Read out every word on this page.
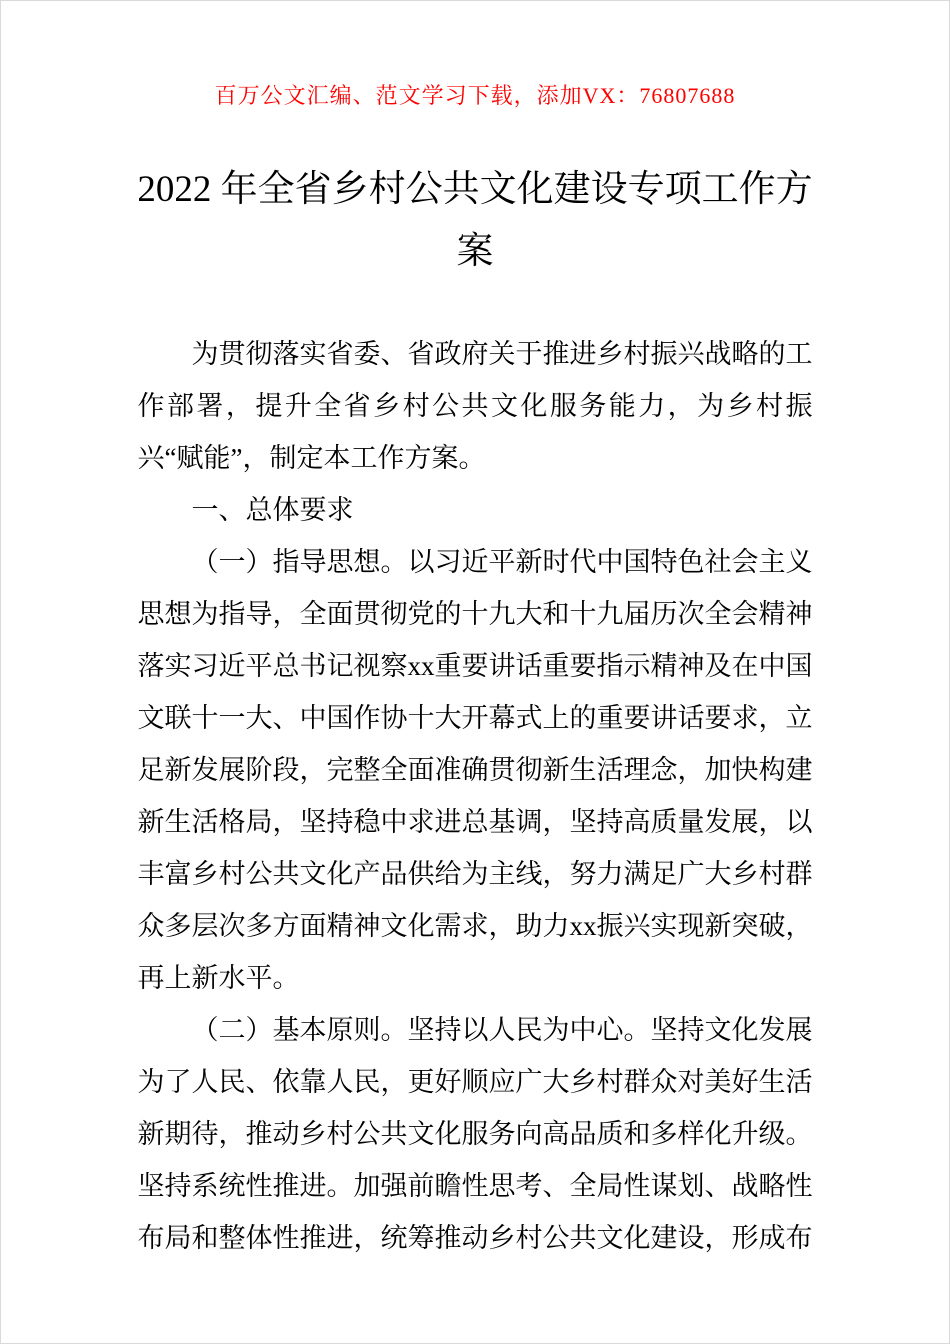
百万公文汇编、范文学习下载，添加VX：76807688
2022 年全省乡村公共文化建设专项工作方案

为贯彻落实省委、省政府关于推进乡村振兴战略的工作部署，提升全省乡村公共文化服务能力，为乡村振兴“赋能”，制定本工作方案。

一、总体要求

（一）指导思想。以习近平新时代中国特色社会主义思想为指导，全面贯彻党的十九大和十九届历次全会精神落实习近平总书记视察xx重要讲话重要指示精神及在中国文联十一大、中国作协十大开幕式上的重要讲话要求，立足新发展阶段，完整全面准确贯彻新生活理念，加快构建新生活格局，坚持稳中求进总基调，坚持高质量发展，以丰富乡村公共文化产品供给为主线，努力满足广大乡村群众多层次多方面精神文化需求，助力xx振兴实现新突破，再上新水平。

（二）基本原则。坚持以人民为中心。坚持文化发展为了人民、依靠人民，更好顺应广大乡村群众对美好生活新期待，推动乡村公共文化服务向高品质和多样化升级。坚持系统性推进。加强前瞻性思考、全局性谋划、战略性布局和整体性推进，统筹推动乡村公共文化建设，形成布
